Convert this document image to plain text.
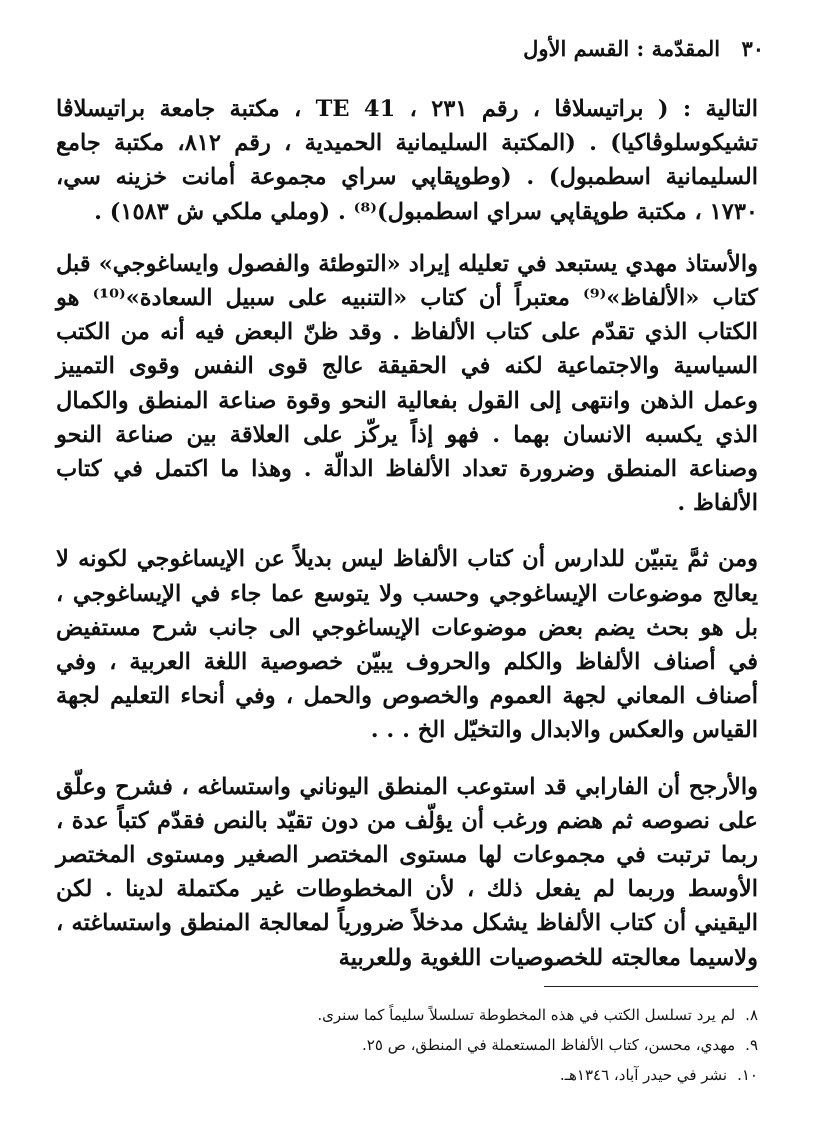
٣٠ المقدّمة : القسم الأول

التالية : ( براتيسلاڤا ، رقم ٢٣١ ، TE 41 ، مكتبة جامعة براتيسلاڤا تشيكوسلوڤاكيا) . (المكتبة السليمانية الحميدية ، رقم ٨١٢، مكتبة جامع السليمانية اسطمبول) . (وطوپقاپي سراي مجموعة أمانت خزينه سي، ١٧٣٠ ، مكتبة طوپقاپي سراي اسطمبول)⁽⁸⁾ . (وملي ملكي ش ١٥٨٣) .

والأستاذ مهدي يستبعد في تعليله إيراد «التوطئة والفصول وايساغوجي» قبل كتاب «الألفاظ»⁽⁹⁾ معتبراً أن كتاب «التنبيه على سبيل السعادة»⁽¹⁰⁾ هو الكتاب الذي تقدّم على كتاب الألفاظ . وقد ظنّ البعض فيه أنه من الكتب السياسية والاجتماعية لكنه في الحقيقة عالج قوى النفس وقوى التمييز وعمل الذهن وانتهى إلى القول بفعالية النحو وقوة صناعة المنطق والكمال الذي يكسبه الانسان بهما . فهو إذاً يركّز على العلاقة بين صناعة النحو وصناعة المنطق وضرورة تعداد الألفاظ الدالّة . وهذا ما اكتمل في كتاب الألفاظ .

ومن ثمَّ يتبيّن للدارس أن كتاب الألفاظ ليس بديلاً عن الإيساغوجي لكونه لا يعالج موضوعات الإيساغوجي وحسب ولا يتوسع عما جاء في الإيساغوجي ، بل هو بحث يضم بعض موضوعات الإيساغوجي الى جانب شرح مستفيض في أصناف الألفاظ والكلم والحروف يبيّن خصوصية اللغة العربية ، وفي أصناف المعاني لجهة العموم والخصوص والحمل ، وفي أنحاء التعليم لجهة القياس والعكس والابدال والتخيّل الخ . . .

والأرجح أن الفارابي قد استوعب المنطق اليوناني واستساغه ، فشرح وعلّق على نصوصه ثم هضم ورغب أن يؤلّف من دون تقيّد بالنص فقدّم كتباً عدة ، ربما ترتبت في مجموعات لها مستوى المختصر الصغير ومستوى المختصر الأوسط وربما لم يفعل ذلك ، لأن المخطوطات غير مكتملة لدينا . لكن اليقيني أن كتاب الألفاظ يشكل مدخلاً ضرورياً لمعالجة المنطق واستساغته ، ولاسيما معالجته للخصوصيات اللغوية وللعربية

٨.لم يرد تسلسل الكتب في هذه المخطوطة تسلسلاً سليماً كما سنرى.
٩.مهدي، محسن، كتاب الألفاظ المستعملة في المنطق، ص ٢٥.
١٠.نشر في حيدر آباد، ١٣٤٦هـ.
